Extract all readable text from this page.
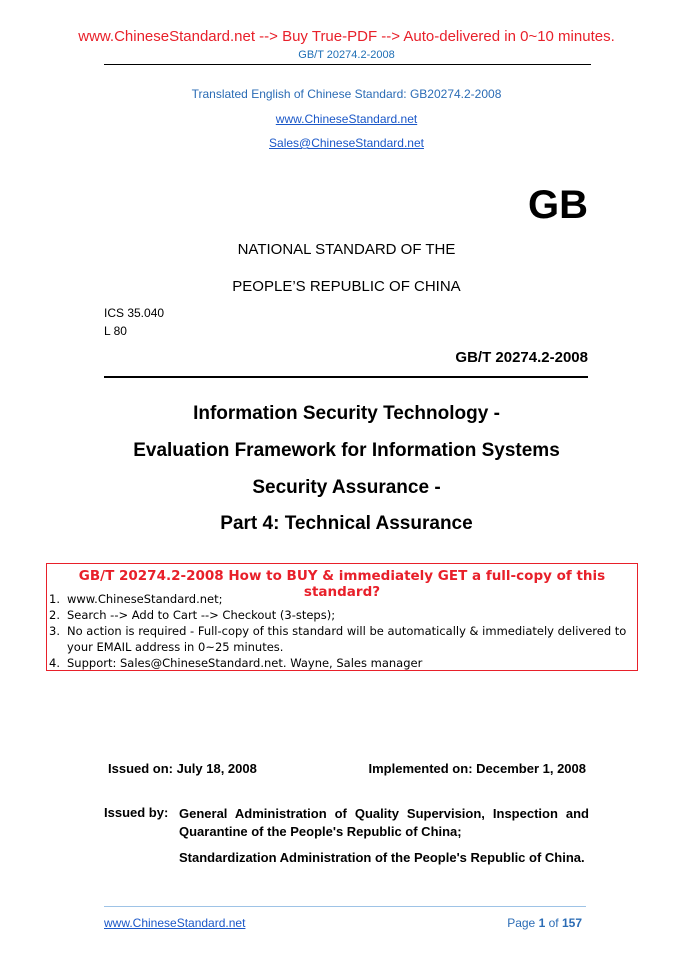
www.ChineseStandard.net --> Buy True-PDF --> Auto-delivered in 0~10 minutes.
GB/T 20274.2-2008
Translated English of Chinese Standard: GB20274.2-2008
www.ChineseStandard.net
Sales@ChineseStandard.net
GB
NATIONAL STANDARD OF THE
PEOPLE’S REPUBLIC OF CHINA
ICS 35.040
L 80
GB/T 20274.2-2008
Information Security Technology -
Evaluation Framework for Information Systems
Security Assurance -
Part 4: Technical Assurance
GB/T 20274.2-2008 How to BUY & immediately GET a full-copy of this standard?
1. www.ChineseStandard.net;
2. Search --> Add to Cart --> Checkout (3-steps);
3. No action is required - Full-copy of this standard will be automatically & immediately delivered to your EMAIL address in 0~25 minutes.
4. Support: Sales@ChineseStandard.net. Wayne, Sales manager
Issued on: July 18, 2008	Implemented on: December 1, 2008
Issued by: General Administration of Quality Supervision, Inspection and Quarantine of the People's Republic of China;
Standardization Administration of the People's Republic of China.
www.ChineseStandard.net	Page 1 of 157
